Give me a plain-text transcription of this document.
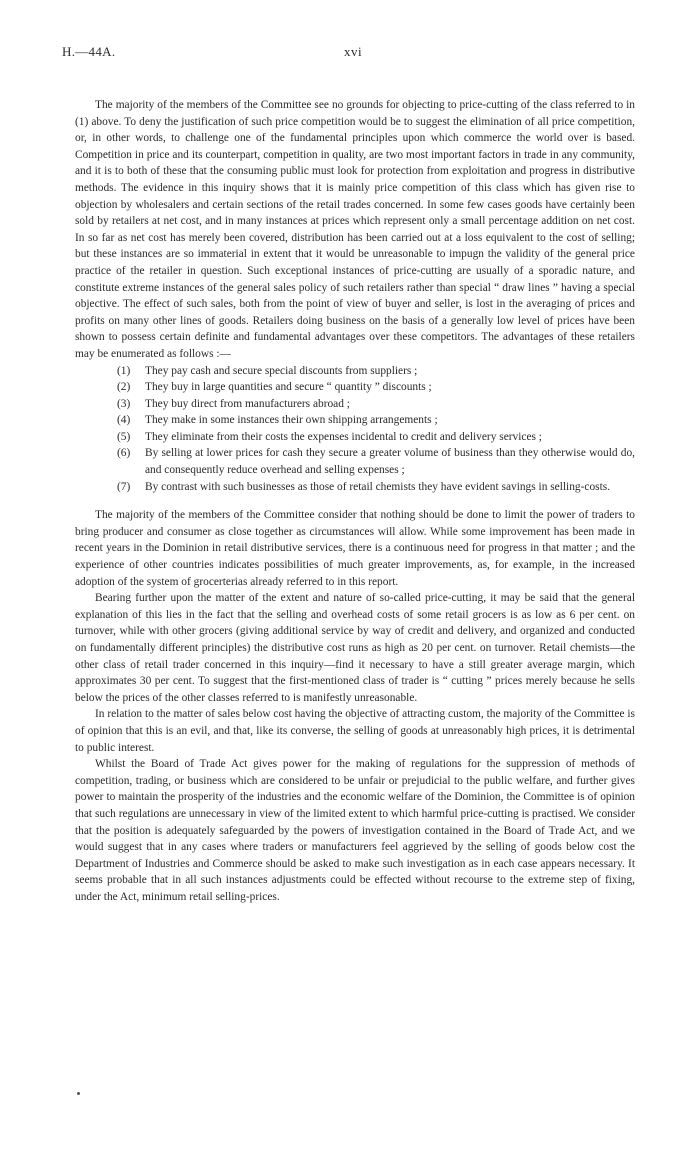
H.—44A.	xvi

The majority of the members of the Committee see no grounds for objecting to price-cutting of the class referred to in (1) above. To deny the justification of such price competition would be to suggest the elimination of all price competition, or, in other words, to challenge one of the fundamental principles upon which commerce the world over is based. Competition in price and its counterpart, competition in quality, are two most important factors in trade in any community, and it is to both of these that the consuming public must look for protection from exploitation and progress in distributive methods. The evidence in this inquiry shows that it is mainly price competition of this class which has given rise to objection by wholesalers and certain sections of the retail trades concerned. In some few cases goods have certainly been sold by retailers at net cost, and in many instances at prices which represent only a small percentage addition on net cost. In so far as net cost has merely been covered, distribution has been carried out at a loss equivalent to the cost of selling; but these instances are so immaterial in extent that it would be unreasonable to impugn the validity of the general price practice of the retailer in question. Such exceptional instances of price-cutting are usually of a sporadic nature, and constitute extreme instances of the general sales policy of such retailers rather than special “ draw lines ” having a special objective. The effect of such sales, both from the point of view of buyer and seller, is lost in the averaging of prices and profits on many other lines of goods. Retailers doing business on the basis of a generally low level of prices have been shown to possess certain definite and fundamental advantages over these competitors. The advantages of these retailers may be enumerated as follows :—

(1) They pay cash and secure special discounts from suppliers ;
(2) They buy in large quantities and secure “ quantity ” discounts ;
(3) They buy direct from manufacturers abroad ;
(4) They make in some instances their own shipping arrangements ;
(5) They eliminate from their costs the expenses incidental to credit and delivery services ;
(6) By selling at lower prices for cash they secure a greater volume of business than they otherwise would do, and consequently reduce overhead and selling expenses ;
(7) By contrast with such businesses as those of retail chemists they have evident savings in selling-costs.

The majority of the members of the Committee consider that nothing should be done to limit the power of traders to bring producer and consumer as close together as circumstances will allow. While some improvement has been made in recent years in the Dominion in retail distributive services, there is a continuous need for progress in that matter ; and the experience of other countries indicates possibilities of much greater improvements, as, for example, in the increased adoption of the system of grocerterias already referred to in this report.

Bearing further upon the matter of the extent and nature of so-called price-cutting, it may be said that the general explanation of this lies in the fact that the selling and overhead costs of some retail grocers is as low as 6 per cent. on turnover, while with other grocers (giving additional service by way of credit and delivery, and organized and conducted on fundamentally different principles) the distributive cost runs as high as 20 per cent. on turnover. Retail chemists—the other class of retail trader concerned in this inquiry—find it necessary to have a still greater average margin, which approximates 30 per cent. To suggest that the first-mentioned class of trader is “ cutting ” prices merely because he sells below the prices of the other classes referred to is manifestly unreasonable.

In relation to the matter of sales below cost having the objective of attracting custom, the majority of the Committee is of opinion that this is an evil, and that, like its converse, the selling of goods at unreasonably high prices, it is detrimental to public interest.

Whilst the Board of Trade Act gives power for the making of regulations for the suppression of methods of competition, trading, or business which are considered to be unfair or prejudicial to the public welfare, and further gives power to maintain the prosperity of the industries and the economic welfare of the Dominion, the Committee is of opinion that such regulations are unnecessary in view of the limited extent to which harmful price-cutting is practised. We consider that the position is adequately safeguarded by the powers of investigation contained in the Board of Trade Act, and we would suggest that in any cases where traders or manufacturers feel aggrieved by the selling of goods below cost the Department of Industries and Commerce should be asked to make such investigation as in each case appears necessary. It seems probable that in all such instances adjustments could be effected without recourse to the extreme step of fixing, under the Act, minimum retail selling-prices.
